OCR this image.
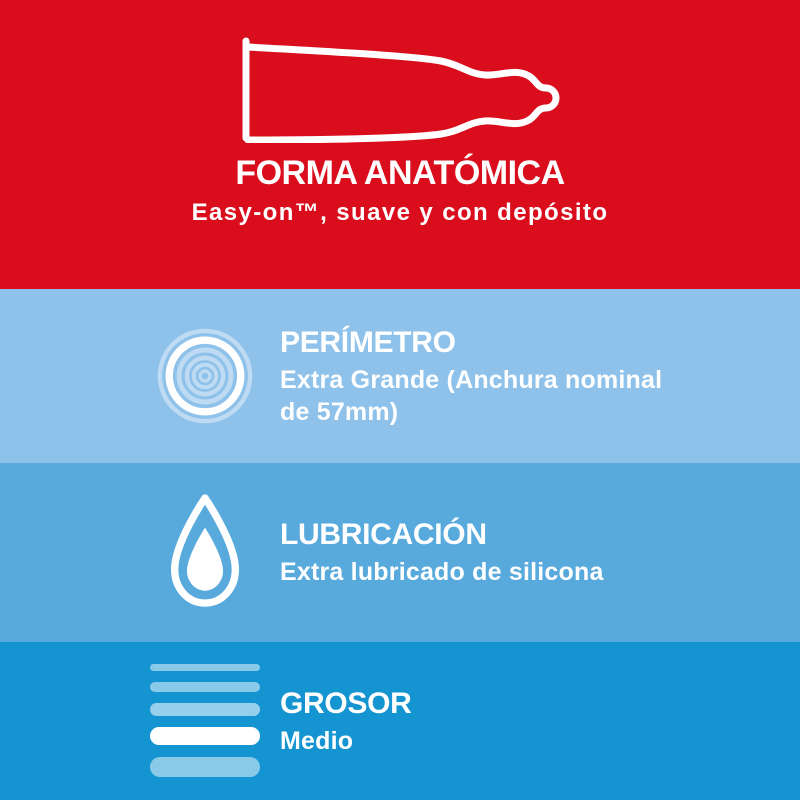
FORMA ANATÓMICA
Easy-on™, suave y con depósito
PERÍMETRO
Extra Grande (Anchura nominal de 57mm)
LUBRICACIÓN
Extra lubricado de silicona
GROSOR
Medio
